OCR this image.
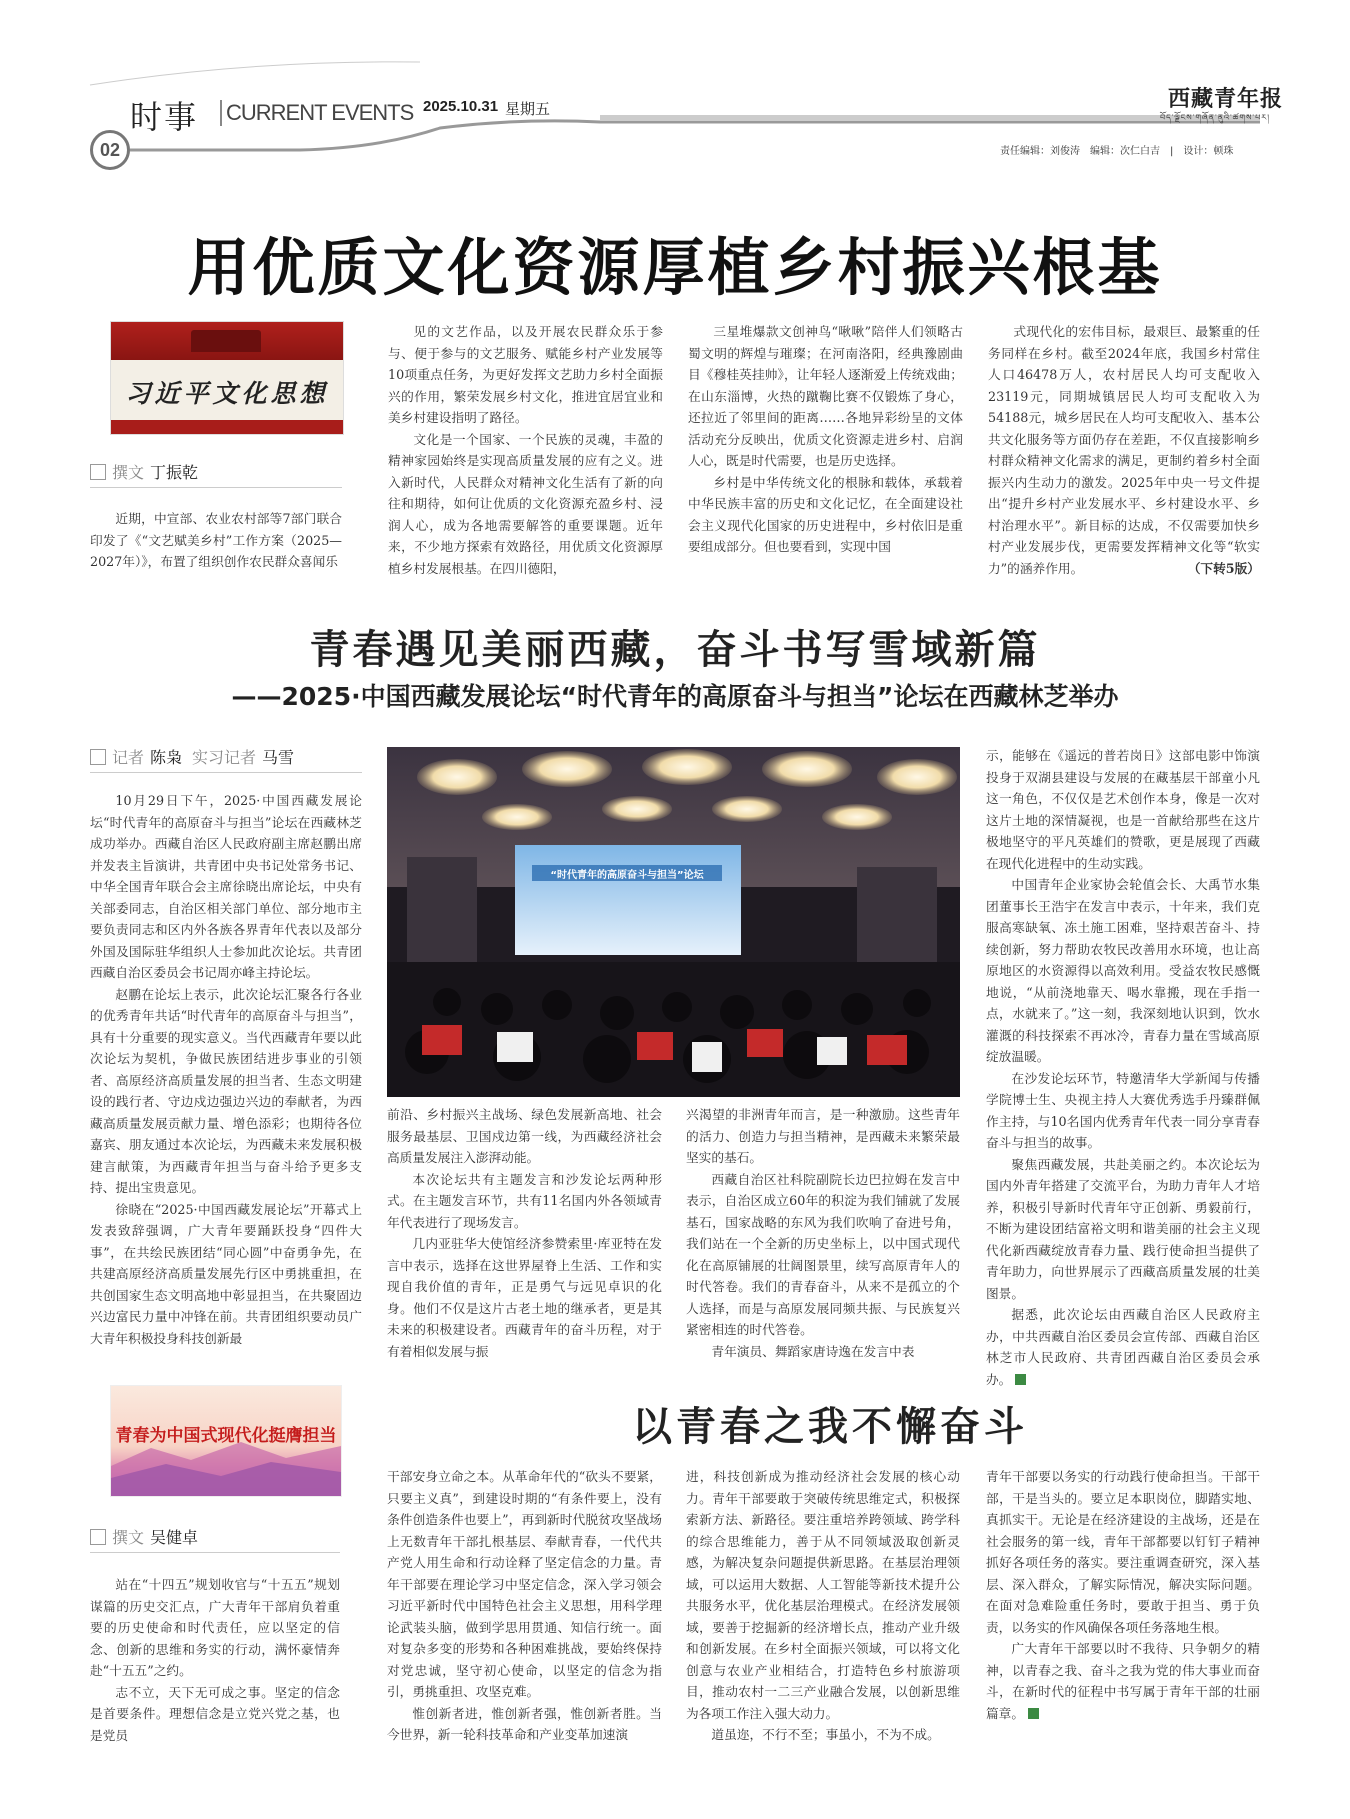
时事 CURRENT EVENTS 2025.10.31 星期五	西藏青年报
བོད་ལྗོངས་གཞོན་ནུའི་ཚགས་པར།
02	责任编辑：刘俊涛　编辑：次仁白吉　|　设计：顿珠
用优质文化资源厚植乡村振兴根基
习近平文化思想
撰文 丁振乾

近期，中宣部、农业农村部等7部门联合印发了《“文艺赋美乡村”工作方案（2025—2027年）》，布置了组织创作农民群众喜闻乐

见的文艺作品，以及开展农民群众乐于参与、便于参与的文艺服务、赋能乡村产业发展等10项重点任务，为更好发挥文艺助力乡村全面振兴的作用，繁荣发展乡村文化，推进宜居宜业和美乡村建设指明了路径。

文化是一个国家、一个民族的灵魂，丰盈的精神家园始终是实现高质量发展的应有之义。进入新时代，人民群众对精神文化生活有了新的向往和期待，如何让优质的文化资源充盈乡村、浸润人心，成为各地需要解答的重要课题。近年来，不少地方探索有效路径，用优质文化资源厚植乡村发展根基。在四川德阳，

三星堆爆款文创神鸟“啾啾”陪伴人们领略古蜀文明的辉煌与璀璨；在河南洛阳，经典豫剧曲目《穆桂英挂帅》，让年轻人逐渐爱上传统戏曲；在山东淄博，火热的蹴鞠比赛不仅锻炼了身心，还拉近了邻里间的距离……各地异彩纷呈的文体活动充分反映出，优质文化资源走进乡村、启润人心，既是时代需要，也是历史选择。

乡村是中华传统文化的根脉和载体，承载着中华民族丰富的历史和文化记忆，在全面建设社会主义现代化国家的历史进程中，乡村依旧是重要组成部分。但也要看到，实现中国

式现代化的宏伟目标，最艰巨、最繁重的任务同样在乡村。截至2024年底，我国乡村常住人口46478万人，农村居民人均可支配收入23119元，同期城镇居民人均可支配收入为54188元，城乡居民在人均可支配收入、基本公共文化服务等方面仍存在差距，不仅直接影响乡村群众精神文化需求的满足，更制约着乡村全面振兴内生动力的激发。2025年中央一号文件提出“提升乡村产业发展水平、乡村建设水平、乡村治理水平”。新目标的达成，不仅需要加快乡村产业发展步伐，更需要发挥精神文化等“软实力”的涵养作用。	（下转5版）

青春遇见美丽西藏，奋斗书写雪域新篇
——2025·中国西藏发展论坛“时代青年的高原奋斗与担当”论坛在西藏林芝举办
记者 陈枭 实习记者 马雪

10月29日下午，2025·中国西藏发展论坛“时代青年的高原奋斗与担当”论坛在西藏林芝成功举办。西藏自治区人民政府副主席赵鹏出席并发表主旨演讲，共青团中央书记处常务书记、中华全国青年联合会主席徐晓出席论坛，中央有关部委同志，自治区相关部门单位、部分地市主要负责同志和区内外各族各界青年代表以及部分外国及国际驻华组织人士参加此次论坛。共青团西藏自治区委员会书记周亦峰主持论坛。

赵鹏在论坛上表示，此次论坛汇聚各行各业的优秀青年共话“时代青年的高原奋斗与担当”，具有十分重要的现实意义。当代西藏青年要以此次论坛为契机，争做民族团结进步事业的引领者、高原经济高质量发展的担当者、生态文明建设的践行者、守边戍边强边兴边的奉献者，为西藏高质量发展贡献力量、增色添彩；也期待各位嘉宾、朋友通过本次论坛，为西藏未来发展积极建言献策，为西藏青年担当与奋斗给予更多支持、提出宝贵意见。

徐晓在“2025·中国西藏发展论坛”开幕式上发表致辞强调，广大青年要踊跃投身“四件大事”，在共绘民族团结“同心圆”中奋勇争先，在共建高原经济高质量发展先行区中勇挑重担，在共创国家生态文明高地中彰显担当，在共聚固边兴边富民力量中冲锋在前。共青团组织要动员广大青年积极投身科技创新最

“时代青年的高原奋斗与担当”论坛

前沿、乡村振兴主战场、绿色发展新高地、社会服务最基层、卫国戍边第一线，为西藏经济社会高质量发展注入澎湃动能。

本次论坛共有主题发言和沙发论坛两种形式。在主题发言环节，共有11名国内外各领域青年代表进行了现场发言。

几内亚驻华大使馆经济参赞索里·库亚特在发言中表示，选择在这世界屋脊上生活、工作和实现自我价值的青年，正是勇气与远见卓识的化身。他们不仅是这片古老土地的继承者，更是其未来的积极建设者。西藏青年的奋斗历程，对于有着相似发展与振

兴渴望的非洲青年而言，是一种激励。这些青年的活力、创造力与担当精神，是西藏未来繁荣最坚实的基石。

西藏自治区社科院副院长边巴拉姆在发言中表示，自治区成立60年的积淀为我们铺就了发展基石，国家战略的东风为我们吹响了奋进号角，我们站在一个全新的历史坐标上，以中国式现代化在高原铺展的壮阔图景里，续写高原青年人的时代答卷。我们的青春奋斗，从来不是孤立的个人选择，而是与高原发展同频共振、与民族复兴紧密相连的时代答卷。

青年演员、舞蹈家唐诗逸在发言中表

示，能够在《遥远的普若岗日》这部电影中饰演投身于双湖县建设与发展的在藏基层干部童小凡这一角色，不仅仅是艺术创作本身，像是一次对这片土地的深情凝视，也是一首献给那些在这片极地坚守的平凡英雄们的赞歌，更是展现了西藏在现代化进程中的生动实践。

中国青年企业家协会轮值会长、大禹节水集团董事长王浩宇在发言中表示，十年来，我们克服高寒缺氧、冻土施工困难，坚持艰苦奋斗、持续创新，努力帮助农牧民改善用水环境，也让高原地区的水资源得以高效利用。受益农牧民感慨地说，“从前浇地靠天、喝水靠搬，现在手指一点，水就来了。”这一刻，我深刻地认识到，饮水灌溉的科技探索不再冰冷，青春力量在雪域高原绽放温暖。

在沙发论坛环节，特邀清华大学新闻与传播学院博士生、央视主持人大赛优秀选手丹臻群佩作主持，与10名国内优秀青年代表一同分享青春奋斗与担当的故事。

聚焦西藏发展，共赴美丽之约。本次论坛为国内外青年搭建了交流平台，为助力青年人才培养，积极引导新时代青年守正创新、勇毅前行，不断为建设团结富裕文明和谐美丽的社会主义现代化新西藏绽放青春力量、践行使命担当提供了青年助力，向世界展示了西藏高质量发展的壮美图景。

据悉，此次论坛由西藏自治区人民政府主办，中共西藏自治区委员会宣传部、西藏自治区林芝市人民政府、共青团西藏自治区委员会承办。

青春为中国式现代化挺膺担当	以青春之我不懈奋斗
撰文 吴健卓

站在“十四五”规划收官与“十五五”规划谋篇的历史交汇点，广大青年干部肩负着重要的历史使命和时代责任，应以坚定的信念、创新的思维和务实的行动，满怀豪情奔赴“十五五”之约。

志不立，天下无可成之事。坚定的信念是首要条件。理想信念是立党兴党之基，也是党员

干部安身立命之本。从革命年代的“砍头不要紧，只要主义真”，到建设时期的“有条件要上，没有条件创造条件也要上”，再到新时代脱贫攻坚战场上无数青年干部扎根基层、奉献青春，一代代共产党人用生命和行动诠释了坚定信念的力量。青年干部要在理论学习中坚定信念，深入学习领会习近平新时代中国特色社会主义思想，用科学理论武装头脑，做到学思用贯通、知信行统一。面对复杂多变的形势和各种困难挑战，要始终保持对党忠诚，坚守初心使命，以坚定的信念为指引，勇挑重担、攻坚克难。

惟创新者进，惟创新者强，惟创新者胜。当今世界，新一轮科技革命和产业变革加速演

进，科技创新成为推动经济社会发展的核心动力。青年干部要敢于突破传统思维定式，积极探索新方法、新路径。要注重培养跨领域、跨学科的综合思维能力，善于从不同领域汲取创新灵感，为解决复杂问题提供新思路。在基层治理领域，可以运用大数据、人工智能等新技术提升公共服务水平，优化基层治理模式。在经济发展领域，要善于挖掘新的经济增长点，推动产业升级和创新发展。在乡村全面振兴领域，可以将文化创意与农业产业相结合，打造特色乡村旅游项目，推动农村一二三产业融合发展，以创新思维为各项工作注入强大动力。

道虽迩，不行不至；事虽小，不为不成。

青年干部要以务实的行动践行使命担当。干部干部，干是当头的。要立足本职岗位，脚踏实地、真抓实干。无论是在经济建设的主战场，还是在社会服务的第一线，青年干部都要以钉钉子精神抓好各项任务的落实。要注重调查研究，深入基层、深入群众，了解实际情况，解决实际问题。在面对急难险重任务时，要敢于担当、勇于负责，以务实的作风确保各项任务落地生根。

广大青年干部要以时不我待、只争朝夕的精神，以青春之我、奋斗之我为党的伟大事业而奋斗，在新时代的征程中书写属于青年干部的壮丽篇章。
